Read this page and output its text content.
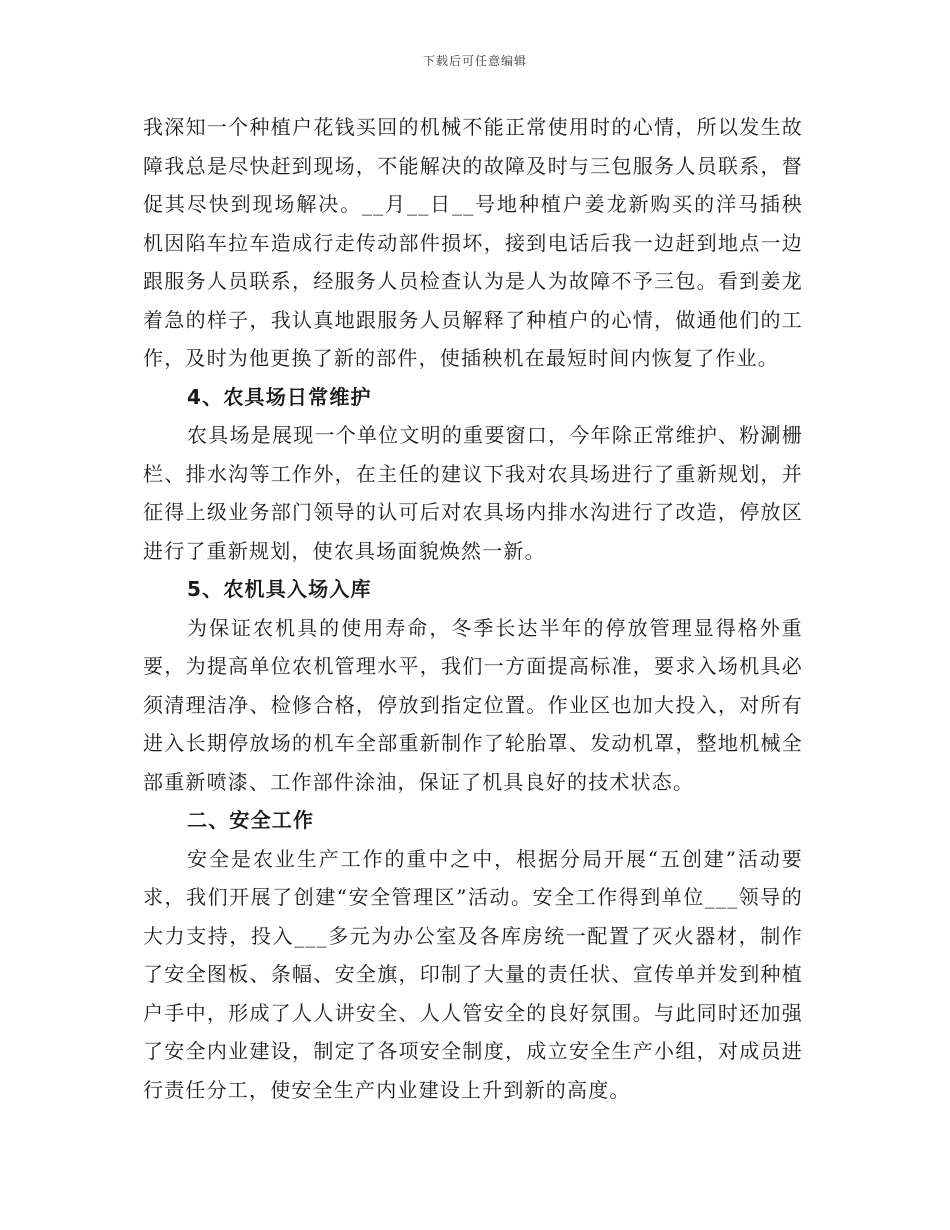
下载后可任意编辑

我深知一个种植户花钱买回的机械不能正常使用时的心情，所以发生故障我总是尽快赶到现场，不能解决的故障及时与三包服务人员联系，督促其尽快到现场解决。__月__日__号地种植户姜龙新购买的洋马插秧机因陷车拉车造成行走传动部件损坏，接到电话后我一边赶到地点一边跟服务人员联系，经服务人员检查认为是人为故障不予三包。看到姜龙着急的样子，我认真地跟服务人员解释了种植户的心情，做通他们的工作，及时为他更换了新的部件，使插秧机在最短时间内恢复了作业。

4、农具场日常维护

农具场是展现一个单位文明的重要窗口，今年除正常维护、粉涮栅栏、排水沟等工作外，在主任的建议下我对农具场进行了重新规划，并征得上级业务部门领导的认可后对农具场内排水沟进行了改造，停放区进行了重新规划，使农具场面貌焕然一新。

5、农机具入场入库

为保证农机具的使用寿命，冬季长达半年的停放管理显得格外重要，为提高单位农机管理水平，我们一方面提高标准，要求入场机具必须清理洁净、检修合格，停放到指定位置。作业区也加大投入，对所有进入长期停放场的机车全部重新制作了轮胎罩、发动机罩，整地机械全部重新喷漆、工作部件涂油，保证了机具良好的技术状态。

二、安全工作

安全是农业生产工作的重中之中，根据分局开展“五创建”活动要求，我们开展了创建“安全管理区”活动。安全工作得到单位___领导的大力支持，投入___多元为办公室及各库房统一配置了灭火器材，制作了安全图板、条幅、安全旗，印制了大量的责任状、宣传单并发到种植户手中，形成了人人讲安全、人人管安全的良好氛围。与此同时还加强了安全内业建设，制定了各项安全制度，成立安全生产小组，对成员进行责任分工，使安全生产内业建设上升到新的高度。
